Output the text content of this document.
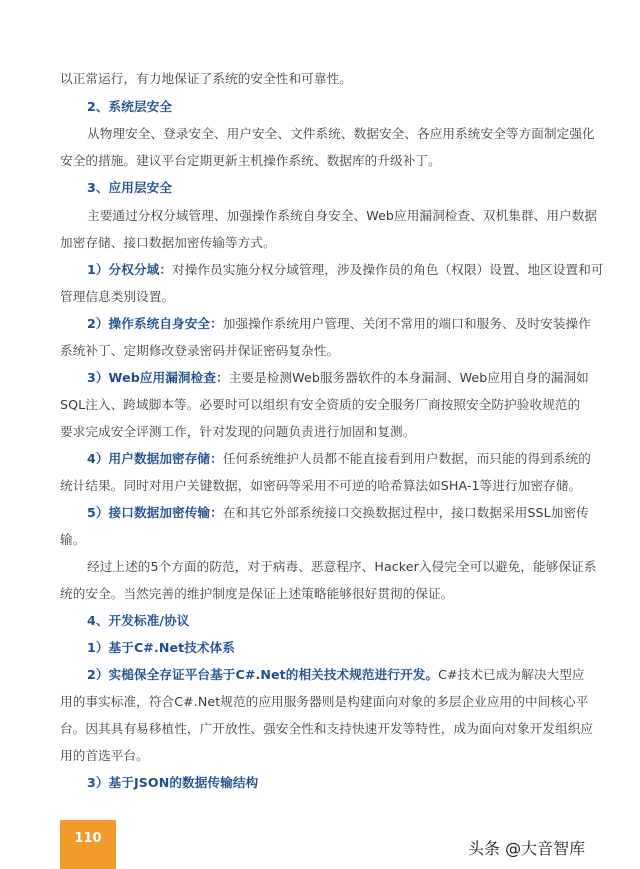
以正常运行，有力地保证了系统的安全性和可靠性。
2、系统层安全
从物理安全、登录安全、用户安全、文件系统、数据安全、各应用系统安全等方面制定强化
安全的措施。建议平台定期更新主机操作系统、数据库的升级补丁。
3、应用层安全
主要通过分权分域管理、加强操作系统自身安全、Web应用漏洞检查、双机集群、用户数据
加密存储、接口数据加密传输等方式。
1）分权分域：对操作员实施分权分域管理，涉及操作员的角色（权限）设置、地区设置和可
管理信息类别设置。
2）操作系统自身安全：加强操作系统用户管理、关闭不常用的端口和服务、及时安装操作
系统补丁、定期修改登录密码并保证密码复杂性。
3）Web应用漏洞检查：主要是检测Web服务器软件的本身漏洞、Web应用自身的漏洞如
SQL注入、跨域脚本等。必要时可以组织有安全资质的安全服务厂商按照安全防护验收规范的
要求完成安全评测工作，针对发现的问题负责进行加固和复测。
4）用户数据加密存储：任何系统维护人员都不能直接看到用户数据，而只能的得到系统的
统计结果。同时对用户关键数据，如密码等采用不可逆的哈希算法如SHA-1等进行加密存储。
5）接口数据加密传输：在和其它外部系统接口交换数据过程中，接口数据采用SSL加密传
输。
经过上述的5个方面的防范，对于病毒、恶意程序、Hacker入侵完全可以避免，能够保证系
统的安全。当然完善的维护制度是保证上述策略能够很好贯彻的保证。
4、开发标准/协议
1）基于C#.Net技术体系
2）实槌保全存证平台基于C#.Net的相关技术规范进行开发。C#技术已成为解决大型应
用的事实标准，符合C#.Net规范的应用服务器则是构建面向对象的多层企业应用的中间核心平
台。因其具有易移植性，广开放性、强安全性和支持快速开发等特性，成为面向对象开发组织应
用的首选平台。
3）基于JSON的数据传输结构
110
头条 @大音智库
